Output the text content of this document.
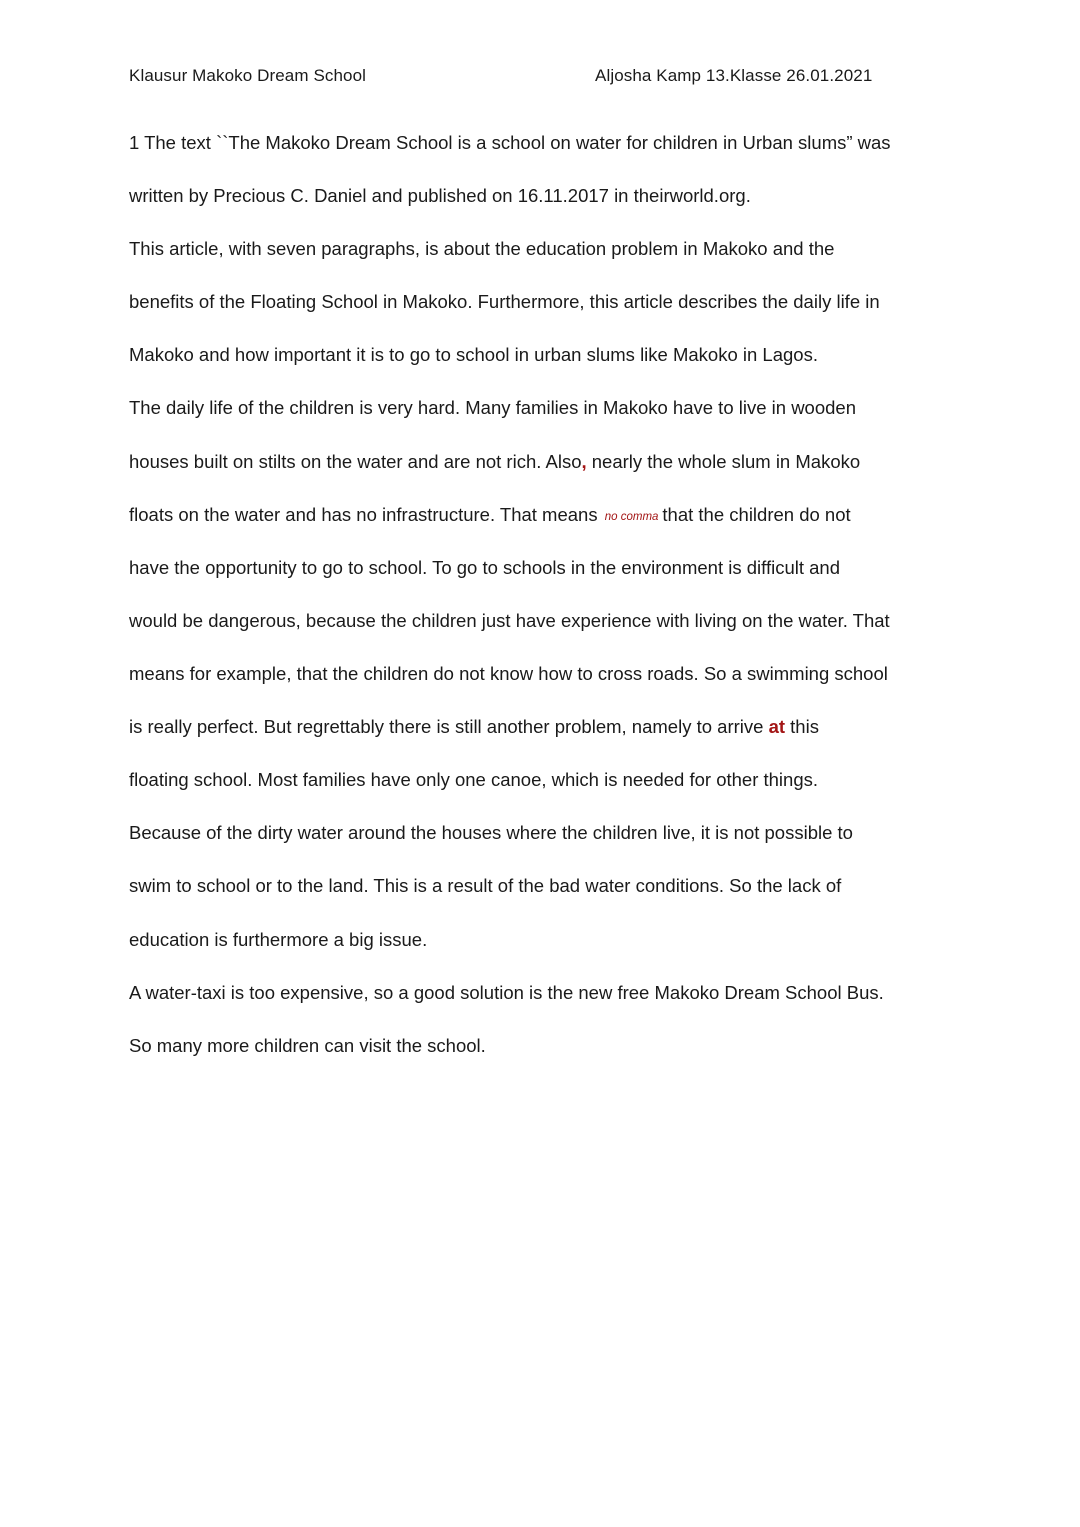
Klausur Makoko Dream School	Aljosha Kamp 13.Klasse 26.01.2021
1 The text ``The Makoko Dream School is a school on water for children in Urban slums” was
written by Precious C. Daniel and published on 16.11.2017 in theirworld.org.
This article, with seven paragraphs, is about the education problem in Makoko and the
benefits of the Floating School in Makoko. Furthermore, this article describes the daily life in
Makoko and how important it is to go to school in urban slums like Makoko in Lagos.
The daily life of the children is very hard. Many families in Makoko have to live in wooden
houses built on stilts on the water and are not rich. Also, nearly the whole slum in Makoko
floats on the water and has no infrastructure. That means no comma that the children do not
have the opportunity to go to school. To go to schools in the environment is difficult and
would be dangerous, because the children just have experience with living on the water. That
means for example, that the children do not know how to cross roads. So a swimming school
is really perfect. But regrettably there is still another problem, namely to arrive at this
floating school. Most families have only one canoe, which is needed for other things.
Because of the dirty water around the houses where the children live, it is not possible to
swim to school or to the land. This is a result of the bad water conditions. So the lack of
education is furthermore a big issue.
A water-taxi is too expensive, so a good solution is the new free Makoko Dream School Bus.
So many more children can visit the school.
